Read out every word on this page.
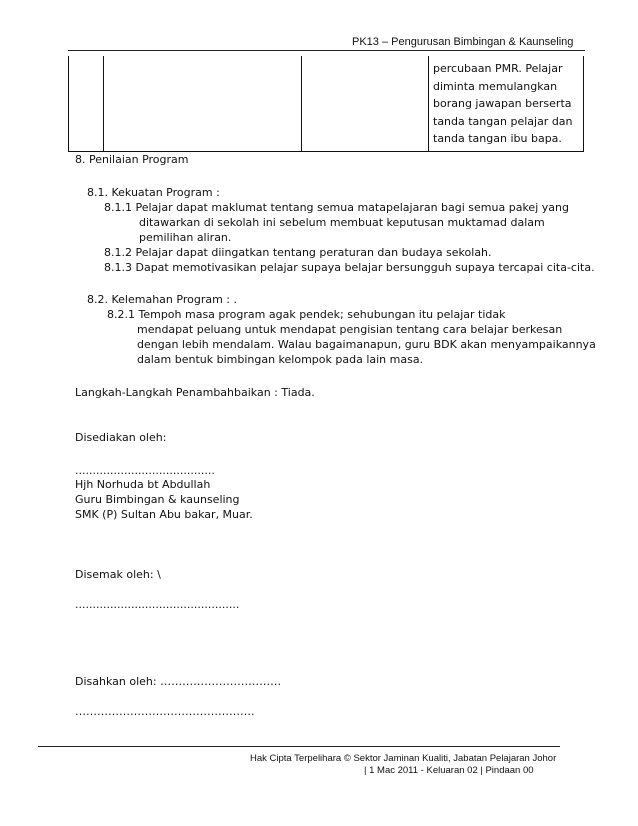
PK13 – Pengurusan Bimbingan & Kaunseling
percubaan PMR. Pelajar
diminta memulangkan
borang jawapan berserta
tanda tangan pelajar dan
tanda tangan ibu bapa.
8. Penilaian Program
8.1. Kekuatan Program :
8.1.1 Pelajar dapat maklumat tentang semua matapelajaran bagi semua pakej yang
ditawarkan di sekolah ini sebelum membuat keputusan muktamad dalam
pemilihan aliran.
8.1.2 Pelajar dapat diingatkan tentang peraturan dan budaya sekolah.
8.1.3 Dapat memotivasikan pelajar supaya belajar bersungguh supaya tercapai cita-cita.
8.2. Kelemahan Program : .
8.2.1 Tempoh masa program agak pendek; sehubungan itu pelajar tidak
mendapat peluang untuk mendapat pengisian tentang cara belajar berkesan
dengan lebih mendalam. Walau bagaimanapun, guru BDK akan menyampaikannya
dalam bentuk bimbingan kelompok pada lain masa.
Langkah-Langkah Penambahbaikan : Tiada.
Disediakan oleh:
........................................
Hjh Norhuda bt Abdullah
Guru Bimbingan & kaunseling
SMK (P) Sultan Abu bakar, Muar.
Disemak oleh: \
...............................................
Disahkan oleh: ……………………………
………………………………………….
Hak Cipta Terpelihara © Sektor Jaminan Kualiti, Jabatan Pelajaran Johor
| 1 Mac 2011 - Keluaran 02 | Pindaan 00
